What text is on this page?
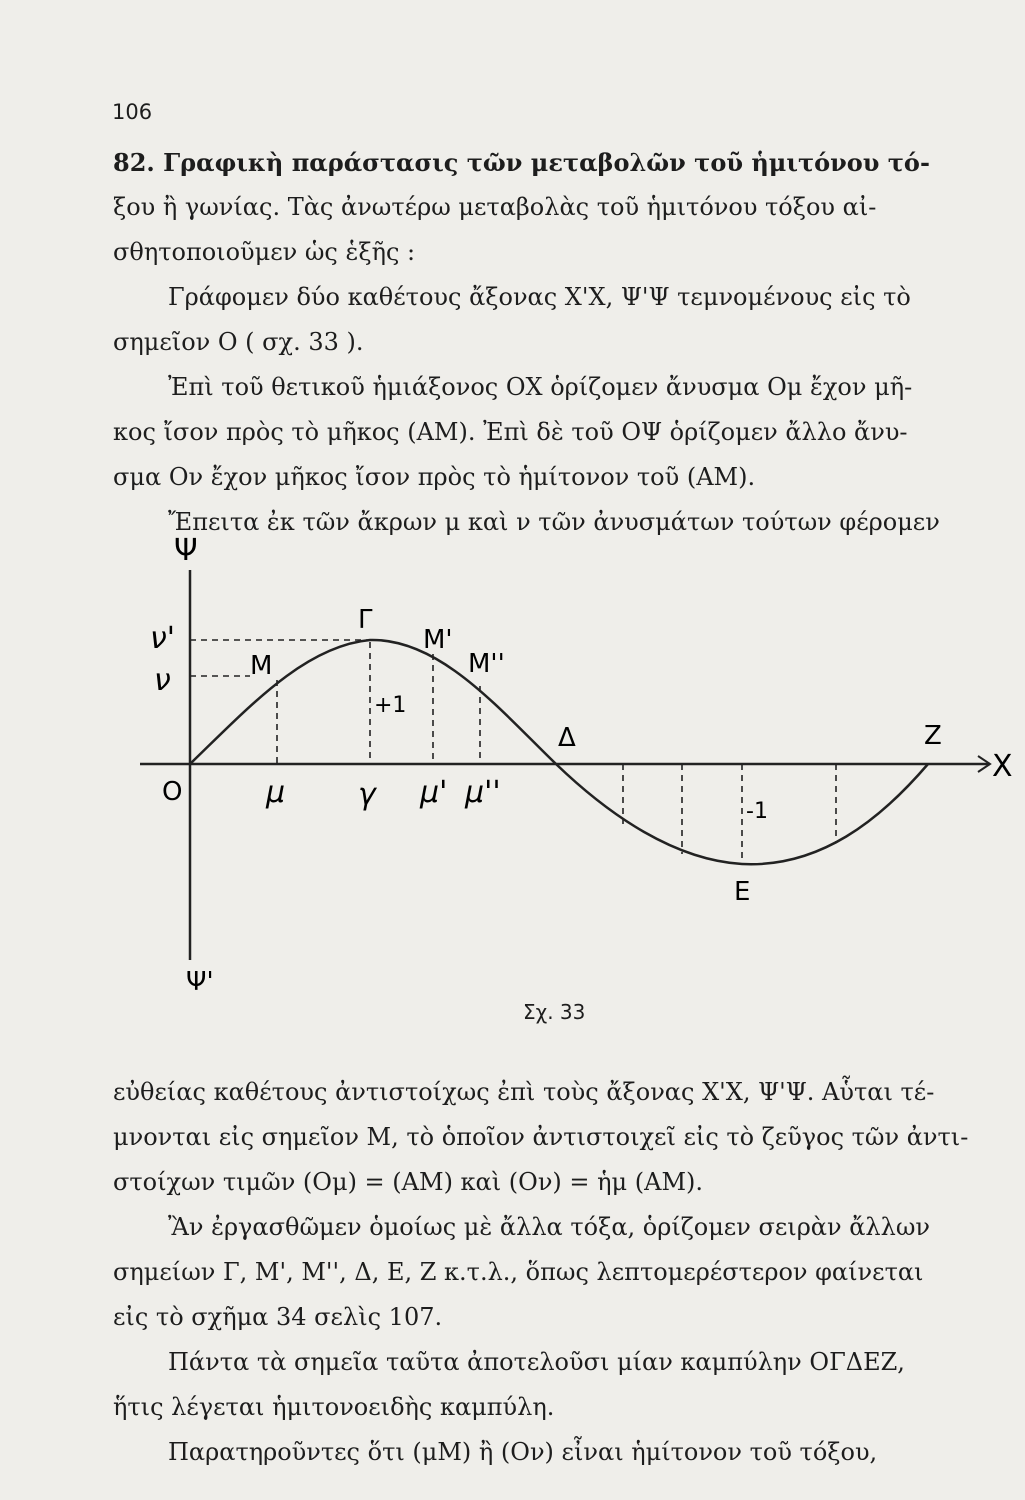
106
82. Γραφικὴ παράστασις τῶν μεταβολῶν τοῦ ἡμιτόνου τό-
ξου ἢ γωνίας. Τὰς ἀνωτέρω μεταβολὰς τοῦ ἡμιτόνου τόξου αἰ-
σθητοποιοῦμεν ὡς ἑξῆς :
Γράφομεν δύο καθέτους ἄξονας Χ'Χ, Ψ'Ψ τεμνομένους εἰς τὸ
σημεῖον Ο ( σχ. 33 ).
Ἐπὶ τοῦ θετικοῦ ἡμιάξονος ΟΧ ὁρίζομεν ἄνυσμα Ομ ἔχον μῆ-
κος ἴσον πρὸς τὸ μῆκος (ΑΜ). Ἐπὶ δὲ τοῦ ΟΨ ὁρίζομεν ἄλλο ἄνυ-
σμα Ον ἔχον μῆκος ἴσον πρὸς τὸ ἡμίτονον τοῦ (ΑΜ).
Ἔπειτα ἐκ τῶν ἄκρων μ καὶ ν τῶν ἀνυσμάτων τούτων φέρομεν
Ψ
Ψ'
X
O
ν'
ν	M
Γ
M'
M''
+1
Δ	Z
μ γ μ' μ''
-1
E
Σχ. 33
εὐθείας καθέτους ἀντιστοίχως ἐπὶ τοὺς ἄξονας Χ'Χ, Ψ'Ψ. Αὗται τέ-
μνονται εἰς σημεῖον Μ, τὸ ὁποῖον ἀντιστοιχεῖ εἰς τὸ ζεῦγος τῶν ἀντι-
στοίχων τιμῶν (Ομ) = (ΑΜ) καὶ (Ον) = ἡμ (ΑΜ).
Ἂν ἐργασθῶμεν ὁμοίως μὲ ἄλλα τόξα, ὁρίζομεν σειρὰν ἄλλων
σημείων Γ, Μ', Μ'', Δ, Ε, Ζ κ.τ.λ., ὅπως λεπτομερέστερον φαίνεται
εἰς τὸ σχῆμα 34 σελὶς 107.
Πάντα τὰ σημεῖα ταῦτα ἀποτελοῦσι μίαν καμπύλην ΟΓΔΕΖ,
ἥτις λέγεται ἡμιτονοειδὴς καμπύλη.
Παρατηροῦντες ὅτι (μΜ) ἢ (Ον) εἶναι ἡμίτονον τοῦ τόξου,
